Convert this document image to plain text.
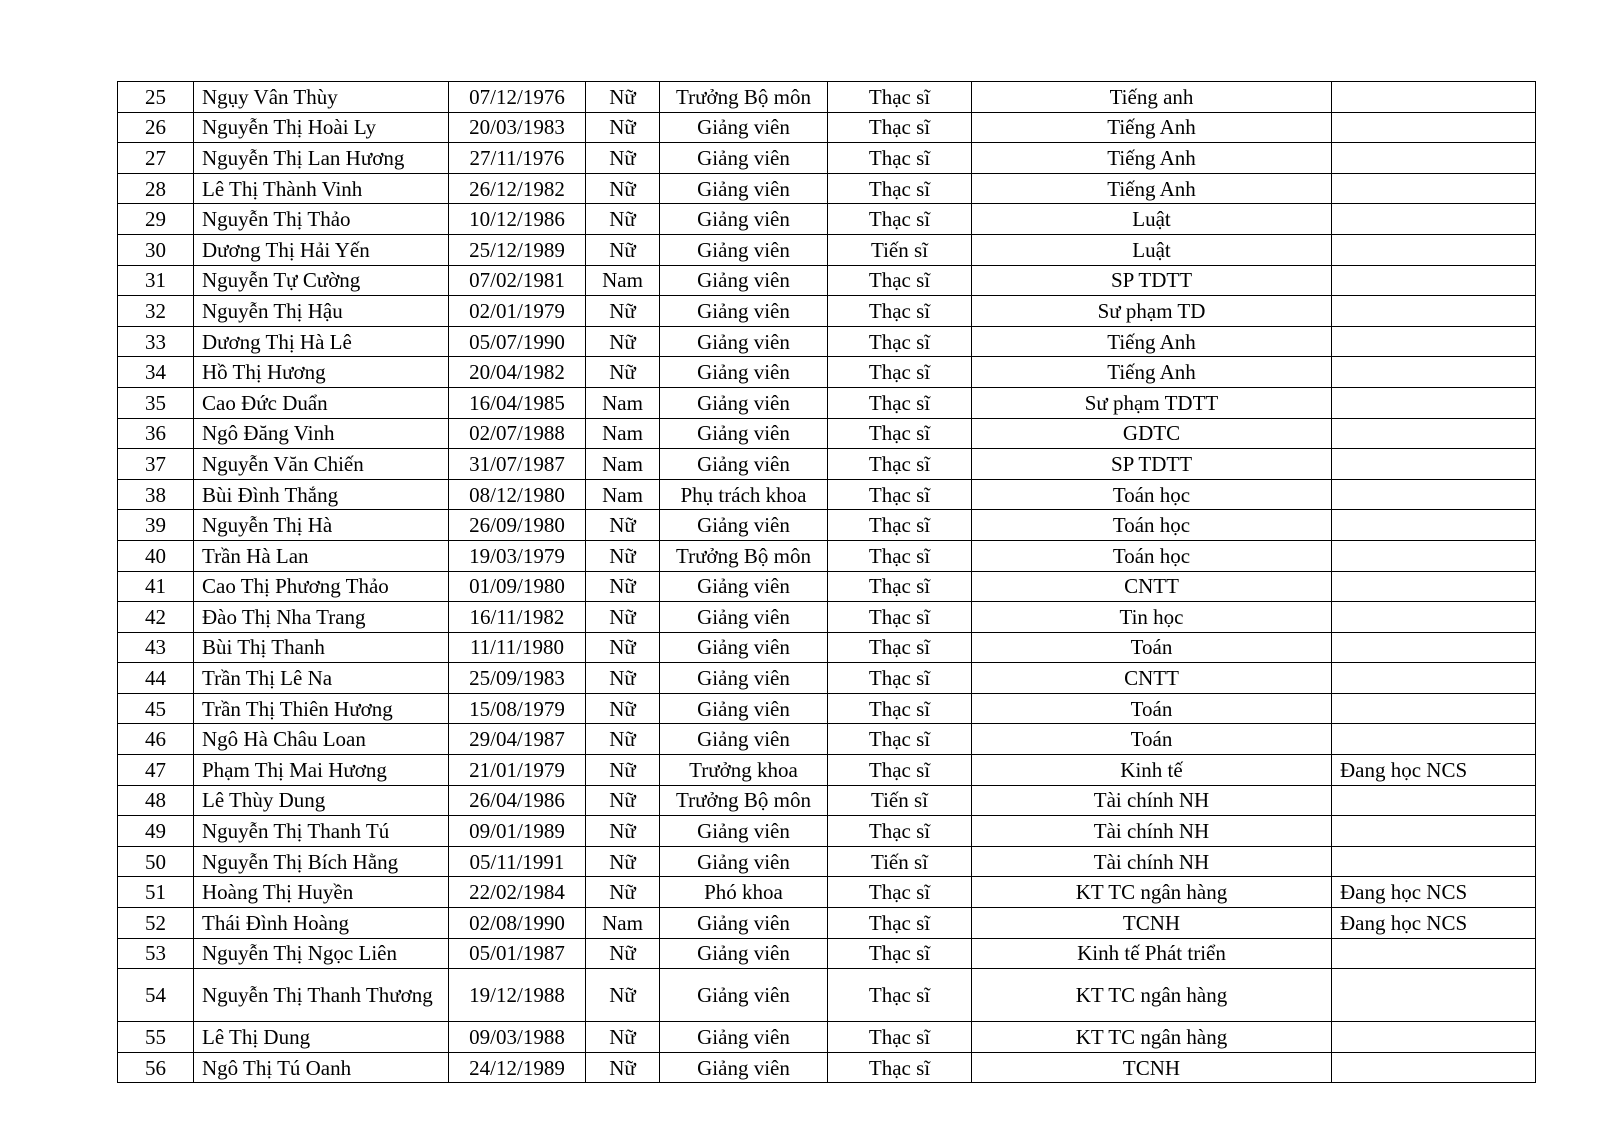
25	Ngụy Vân Thùy	07/12/1976	Nữ	Trưởng Bộ môn	Thạc sĩ	Tiếng anh	
26	Nguyễn Thị Hoài Ly	20/03/1983	Nữ	Giảng viên	Thạc sĩ	Tiếng Anh	
27	Nguyễn Thị Lan Hương	27/11/1976	Nữ	Giảng viên	Thạc sĩ	Tiếng Anh	
28	Lê Thị Thành Vinh	26/12/1982	Nữ	Giảng viên	Thạc sĩ	Tiếng Anh	
29	Nguyễn Thị Thảo	10/12/1986	Nữ	Giảng viên	Thạc sĩ	Luật	
30	Dương Thị Hải Yến	25/12/1989	Nữ	Giảng viên	Tiến sĩ	Luật	
31	Nguyễn Tự Cường	07/02/1981	Nam	Giảng viên	Thạc sĩ	SP TDTT	
32	Nguyễn Thị Hậu	02/01/1979	Nữ	Giảng viên	Thạc sĩ	Sư phạm TD	
33	Dương Thị Hà Lê	05/07/1990	Nữ	Giảng viên	Thạc sĩ	Tiếng Anh	
34	Hồ Thị Hương	20/04/1982	Nữ	Giảng viên	Thạc sĩ	Tiếng Anh	
35	Cao Đức Duẩn	16/04/1985	Nam	Giảng viên	Thạc sĩ	Sư phạm TDTT	
36	Ngô Đăng Vinh	02/07/1988	Nam	Giảng viên	Thạc sĩ	GDTC	
37	Nguyễn Văn Chiến	31/07/1987	Nam	Giảng viên	Thạc sĩ	SP TDTT	
38	Bùi Đình Thắng	08/12/1980	Nam	Phụ trách khoa	Thạc sĩ	Toán học	
39	Nguyễn Thị Hà	26/09/1980	Nữ	Giảng viên	Thạc sĩ	Toán học	
40	Trần Hà Lan	19/03/1979	Nữ	Trưởng Bộ môn	Thạc sĩ	Toán học	
41	Cao Thị Phương Thảo	01/09/1980	Nữ	Giảng viên	Thạc sĩ	CNTT	
42	Đào Thị Nha Trang	16/11/1982	Nữ	Giảng viên	Thạc sĩ	Tin học	
43	Bùi Thị Thanh	11/11/1980	Nữ	Giảng viên	Thạc sĩ	Toán	
44	Trần Thị Lê Na	25/09/1983	Nữ	Giảng viên	Thạc sĩ	CNTT	
45	Trần Thị Thiên Hương	15/08/1979	Nữ	Giảng viên	Thạc sĩ	Toán	
46	Ngô Hà Châu Loan	29/04/1987	Nữ	Giảng viên	Thạc sĩ	Toán	
47	Phạm Thị Mai Hương	21/01/1979	Nữ	Trưởng khoa	Thạc sĩ	Kinh tế	Đang học NCS
48	Lê Thùy Dung	26/04/1986	Nữ	Trưởng Bộ môn	Tiến sĩ	Tài chính NH	
49	Nguyễn Thị Thanh Tú	09/01/1989	Nữ	Giảng viên	Thạc sĩ	Tài chính NH	
50	Nguyễn Thị Bích Hằng	05/11/1991	Nữ	Giảng viên	Tiến sĩ	Tài chính NH	
51	Hoàng Thị Huyền	22/02/1984	Nữ	Phó khoa	Thạc sĩ	KT TC ngân hàng	Đang học NCS
52	Thái Đình Hoàng	02/08/1990	Nam	Giảng viên	Thạc sĩ	TCNH	Đang học NCS
53	Nguyễn Thị Ngọc Liên	05/01/1987	Nữ	Giảng viên	Thạc sĩ	Kinh tế Phát triển	
54	Nguyễn Thị Thanh Thương	19/12/1988	Nữ	Giảng viên	Thạc sĩ	KT TC ngân hàng	
55	Lê Thị Dung	09/03/1988	Nữ	Giảng viên	Thạc sĩ	KT TC ngân hàng	
56	Ngô Thị Tú Oanh	24/12/1989	Nữ	Giảng viên	Thạc sĩ	TCNH	
